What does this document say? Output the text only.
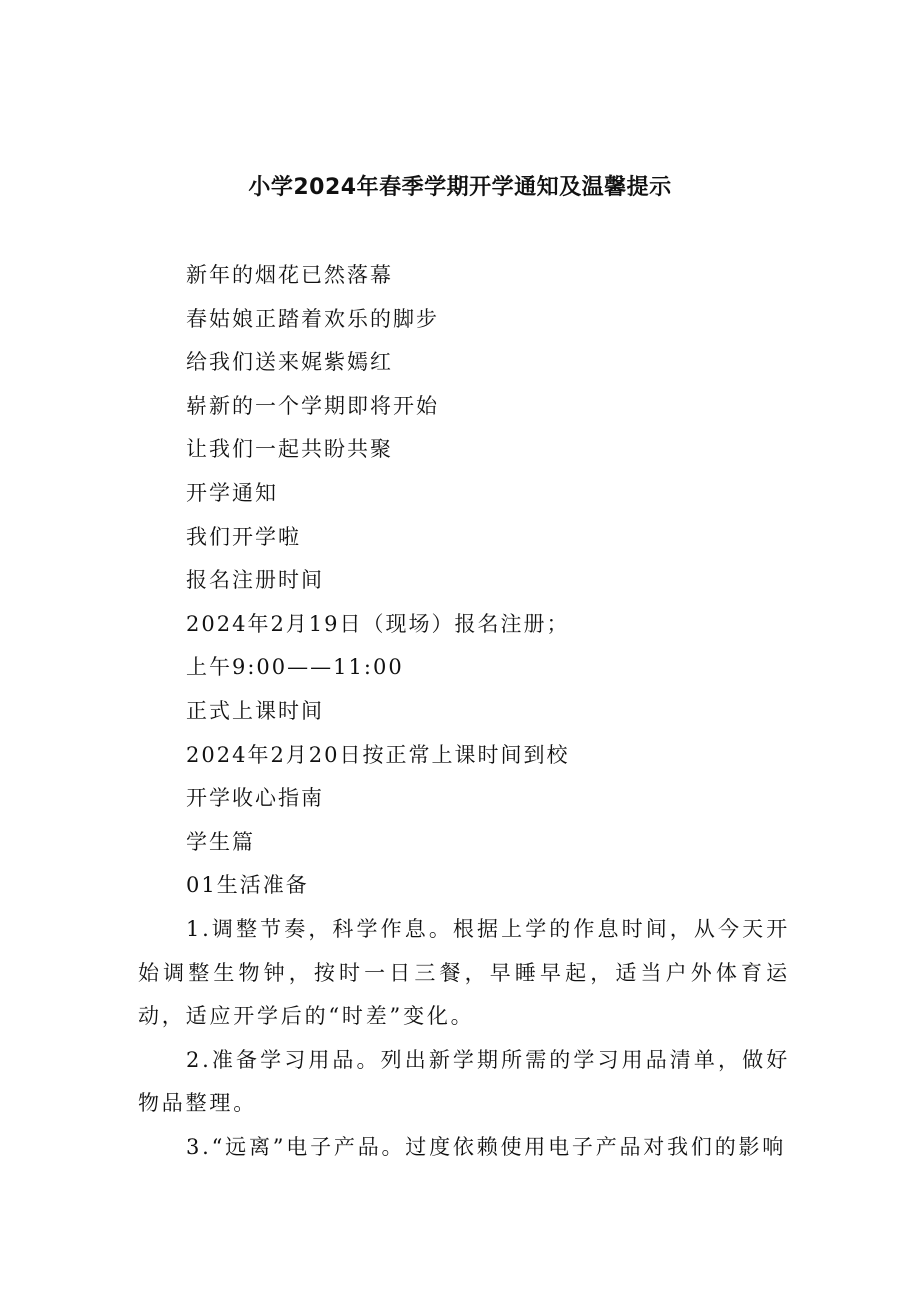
小学2024年春季学期开学通知及温馨提示

新年的烟花已然落幕

春姑娘正踏着欢乐的脚步

给我们送来娓紫嫣红

崭新的一个学期即将开始

让我们一起共盼共聚

开学通知

我们开学啦

报名注册时间

2024年2月19日（现场）报名注册；

上午9:00——11:00

正式上课时间

2024年2月20日按正常上课时间到校

开学收心指南

学生篇

01生活准备

1.调整节奏，科学作息。根据上学的作息时间，从今天开始调整生物钟，按时一日三餐，早睡早起，适当户外体育运动，适应开学后的“时差”变化。

2.准备学习用品。列出新学期所需的学习用品清单，做好物品整理。

3.“远离”电子产品。过度依赖使用电子产品对我们的影响
